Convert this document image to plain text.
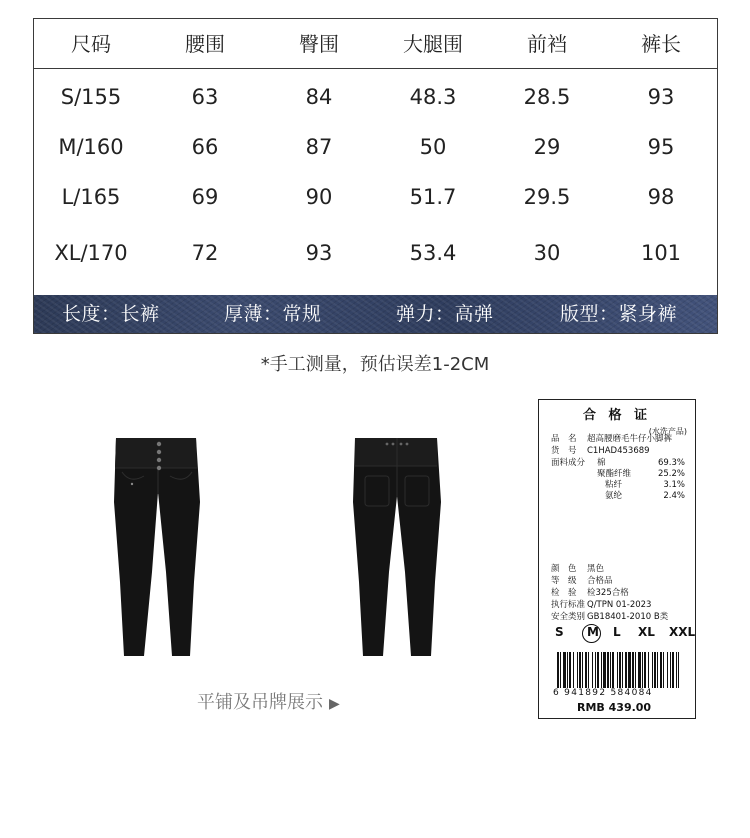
尺码	腰围	臀围	大腿围	前裆	裤长
S/155	63	84	48.3	28.5	93
M/160	66	87	50	29	95
L/165	69	90	51.7	29.5	98
XL/170	72	93	53.4	30	101
长度：长裤	厚薄：常规	弹力：高弹	版型：紧身裤
*手工测量，预估误差1-2CM
平铺及吊牌展示 ▶
合 格 证
(水洗产品)
品　名 超高腰磨毛牛仔小脚裤
货　号 C1HAD453689
面料成分 棉	69.3%
聚酯纤维	25.2%
粘纤	3.1%
氨纶	2.4%
颜　色 黑色
等　级 合格品
检　验 检325合格
执行标准 Q/TPN 01-2023
安全类别 GB18401-2010 B类
S M L XL XXL
6 941892 584084
RMB 439.00
